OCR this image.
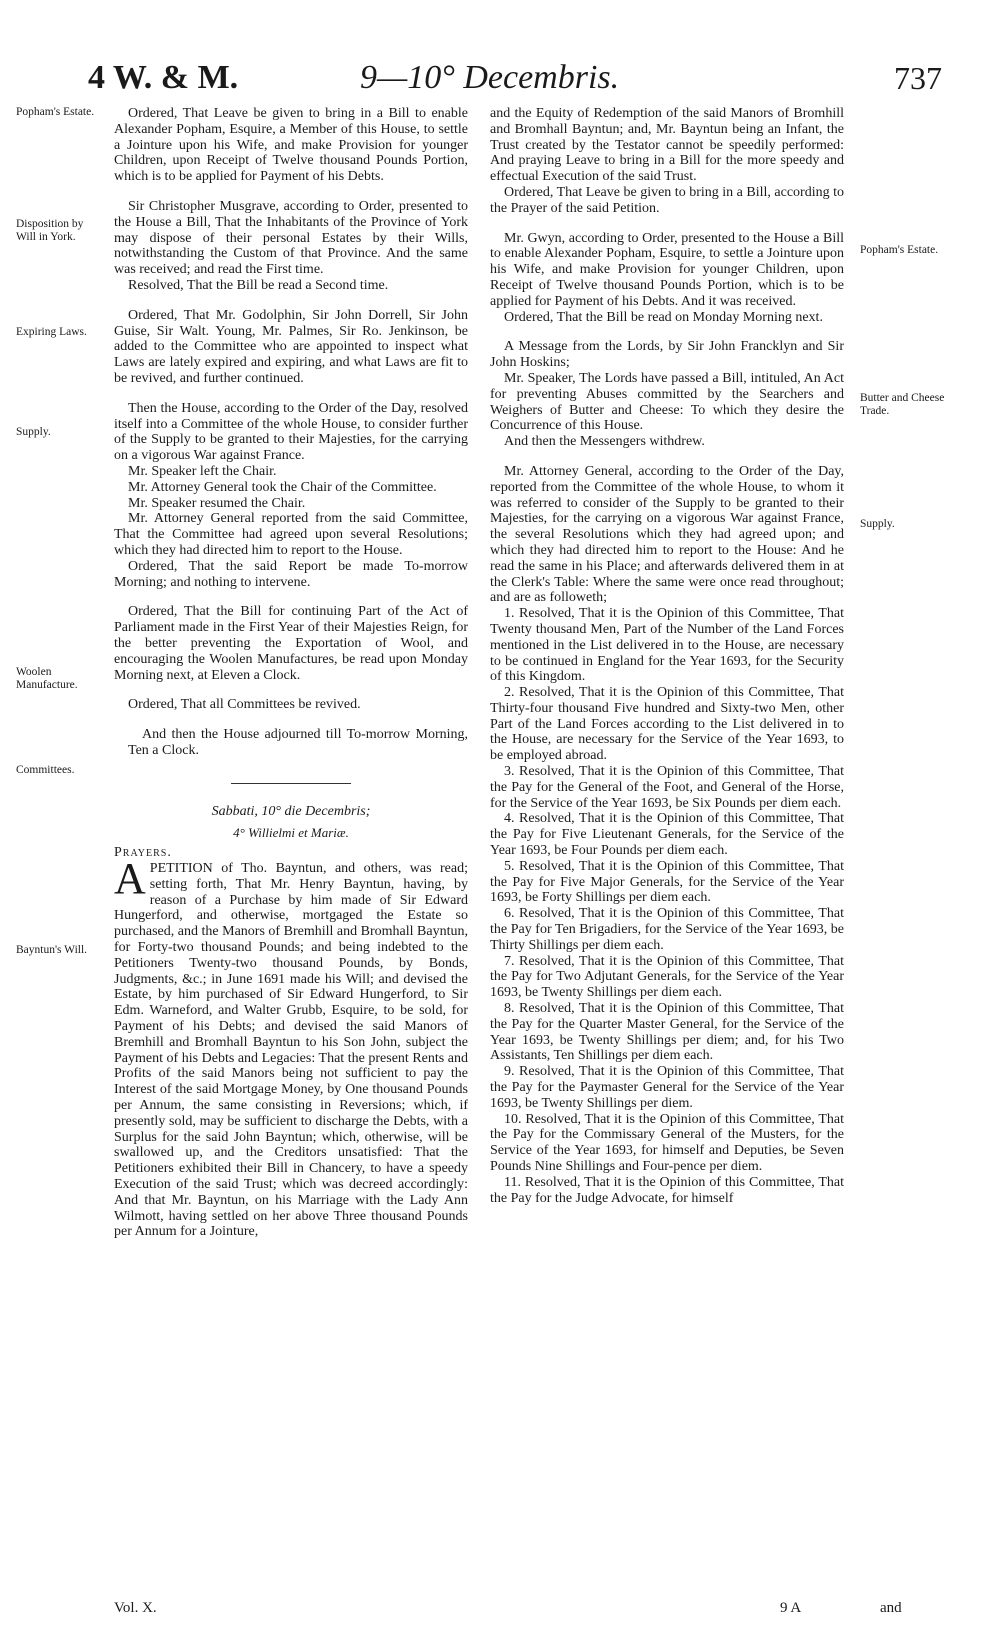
4 W. & M.	9—10° Decembris.	737
Popham's Estate.
Disposition by Will in York.
Expiring Laws.
Supply.
Woolen Manufacture.
Committees.
Bayntun's Will.
Popham's Estate.
Butter and Cheese Trade.
Supply.

Ordered, That Leave be given to bring in a Bill to enable Alexander Popham, Esquire, a Member of this House, to settle a Jointure upon his Wife, and make Provision for younger Children, upon Receipt of Twelve thousand Pounds Portion, which is to be applied for Payment of his Debts.

Sir Christopher Musgrave, according to Order, presented to the House a Bill, That the Inhabitants of the Province of York may dispose of their personal Estates by their Wills, notwithstanding the Custom of that Province. And the same was received; and read the First time.

Resolved, That the Bill be read a Second time.

Ordered, That Mr. Godolphin, Sir John Dorrell, Sir John Guise, Sir Walt. Young, Mr. Palmes, Sir Ro. Jenkinson, be added to the Committee who are appointed to inspect what Laws are lately expired and expiring, and what Laws are fit to be revived, and further continued.

Then the House, according to the Order of the Day, resolved itself into a Committee of the whole House, to consider further of the Supply to be granted to their Majesties, for the carrying on a vigorous War against France.

Mr. Speaker left the Chair.

Mr. Attorney General took the Chair of the Committee.

Mr. Speaker resumed the Chair.

Mr. Attorney General reported from the said Committee, That the Committee had agreed upon several Resolutions; which they had directed him to report to the House.

Ordered, That the said Report be made To-morrow Morning; and nothing to intervene.

Ordered, That the Bill for continuing Part of the Act of Parliament made in the First Year of their Majesties Reign, for the better preventing the Exportation of Wool, and encouraging the Woolen Manufactures, be read upon Monday Morning next, at Eleven a Clock.

Ordered, That all Committees be revived.

And then the House adjourned till To-morrow Morning, Ten a Clock.

Sabbati, 10° die Decembris;

4° Willielmi et Mariæ.

Prayers.

APETITION of Tho. Bayntun, and others, was read; setting forth, That Mr. Henry Bayntun, having, by reason of a Purchase by him made of Sir Edward Hungerford, and otherwise, mortgaged the Estate so purchased, and the Manors of Bremhill and Bromhall Bayntun, for Forty-two thousand Pounds; and being indebted to the Petitioners Twenty-two thousand Pounds, by Bonds, Judgments, &c.; in June 1691 made his Will; and devised the Estate, by him purchased of Sir Edward Hungerford, to Sir Edm. Warneford, and Walter Grubb, Esquire, to be sold, for Payment of his Debts; and devised the said Manors of Bremhill and Bromhall Bayntun to his Son John, subject the Payment of his Debts and Legacies: That the present Rents and Profits of the said Manors being not sufficient to pay the Interest of the said Mortgage Money, by One thousand Pounds per Annum, the same consisting in Reversions; which, if presently sold, may be sufficient to discharge the Debts, with a Surplus for the said John Bayntun; which, otherwise, will be swallowed up, and the Creditors unsatisfied: That the Petitioners exhibited their Bill in Chancery, to have a speedy Execution of the said Trust; which was decreed accordingly: And that Mr. Bayntun, on his Marriage with the Lady Ann Wilmott, having settled on her above Three thousand Pounds per Annum for a Jointure,

and the Equity of Redemption of the said Manors of Bromhill and Bromhall Bayntun; and, Mr. Bayntun being an Infant, the Trust created by the Testator cannot be speedily performed: And praying Leave to bring in a Bill for the more speedy and effectual Execution of the said Trust.

Ordered, That Leave be given to bring in a Bill, according to the Prayer of the said Petition.

Mr. Gwyn, according to Order, presented to the House a Bill to enable Alexander Popham, Esquire, to settle a Jointure upon his Wife, and make Provision for younger Children, upon Receipt of Twelve thousand Pounds Portion, which is to be applied for Payment of his Debts. And it was received.

Ordered, That the Bill be read on Monday Morning next.

A Message from the Lords, by Sir John Francklyn and Sir John Hoskins;

Mr. Speaker, The Lords have passed a Bill, intituled, An Act for preventing Abuses committed by the Searchers and Weighers of Butter and Cheese: To which they desire the Concurrence of this House.

And then the Messengers withdrew.

Mr. Attorney General, according to the Order of the Day, reported from the Committee of the whole House, to whom it was referred to consider of the Supply to be granted to their Majesties, for the carrying on a vigorous War against France, the several Resolutions which they had agreed upon; and which they had directed him to report to the House: And he read the same in his Place; and afterwards delivered them in at the Clerk's Table: Where the same were once read throughout; and are as followeth;

1. Resolved, That it is the Opinion of this Committee, That Twenty thousand Men, Part of the Number of the Land Forces mentioned in the List delivered in to the House, are necessary to be continued in England for the Year 1693, for the Security of this Kingdom.

2. Resolved, That it is the Opinion of this Committee, That Thirty-four thousand Five hundred and Sixty-two Men, other Part of the Land Forces according to the List delivered in to the House, are necessary for the Service of the Year 1693, to be employed abroad.

3. Resolved, That it is the Opinion of this Committee, That the Pay for the General of the Foot, and General of the Horse, for the Service of the Year 1693, be Six Pounds per diem each.

4. Resolved, That it is the Opinion of this Committee, That the Pay for Five Lieutenant Generals, for the Service of the Year 1693, be Four Pounds per diem each.

5. Resolved, That it is the Opinion of this Committee, That the Pay for Five Major Generals, for the Service of the Year 1693, be Forty Shillings per diem each.

6. Resolved, That it is the Opinion of this Committee, That the Pay for Ten Brigadiers, for the Service of the Year 1693, be Thirty Shillings per diem each.

7. Resolved, That it is the Opinion of this Committee, That the Pay for Two Adjutant Generals, for the Service of the Year 1693, be Twenty Shillings per diem each.

8. Resolved, That it is the Opinion of this Committee, That the Pay for the Quarter Master General, for the Service of the Year 1693, be Twenty Shillings per diem; and, for his Two Assistants, Ten Shillings per diem each.

9. Resolved, That it is the Opinion of this Committee, That the Pay for the Paymaster General for the Service of the Year 1693, be Twenty Shillings per diem.

10. Resolved, That it is the Opinion of this Committee, That the Pay for the Commissary General of the Musters, for the Service of the Year 1693, for himself and Deputies, be Seven Pounds Nine Shillings and Four-pence per diem.

11. Resolved, That it is the Opinion of this Committee, That the Pay for the Judge Advocate, for himself

Vol. X.	9 A	and
